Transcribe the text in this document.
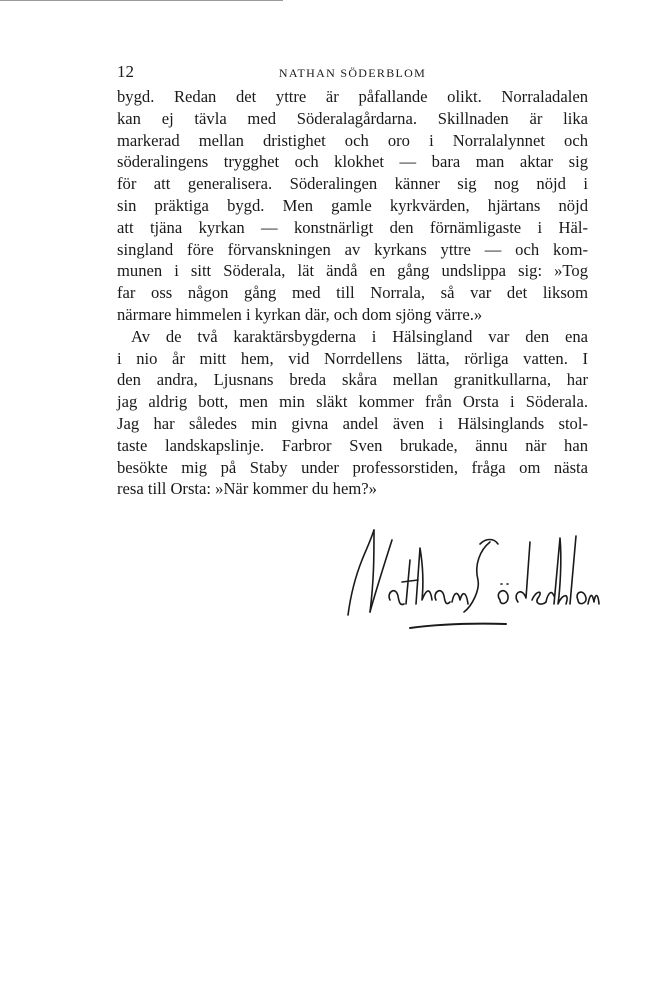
12	NATHAN SÖDERBLOM

bygd. Redan det yttre är påfallande olikt. Norraladalen
kan ej tävla med Söderalagårdarna. Skillnaden är lika
markerad mellan dristighet och oro i Norralalynnet och
söderalingens trygghet och klokhet — bara man aktar sig
för att generalisera. Söderalingen känner sig nog nöjd i
sin präktiga bygd. Men gamle kyrkvärden, hjärtans nöjd
att tjäna kyrkan — konstnärligt den förnämligaste i Häl-
singland före förvanskningen av kyrkans yttre — och kom-
munen i sitt Söderala, lät ändå en gång undslippa sig: »Tog
far oss någon gång med till Norrala, så var det liksom
närmare himmelen i kyrkan där, och dom sjöng värre.»

Av de två karaktärsbygderna i Hälsingland var den ena
i nio år mitt hem, vid Norrdellens lätta, rörliga vatten. I
den andra, Ljusnans breda skåra mellan granitkullarna, har
jag aldrig bott, men min släkt kommer från Orsta i Söderala.
Jag har således min givna andel även i Hälsinglands stol-
taste landskapslinje. Farbror Sven brukade, ännu när han
besökte mig på Staby under professorstiden, fråga om nästa
resa till Orsta: »När kommer du hem?»
